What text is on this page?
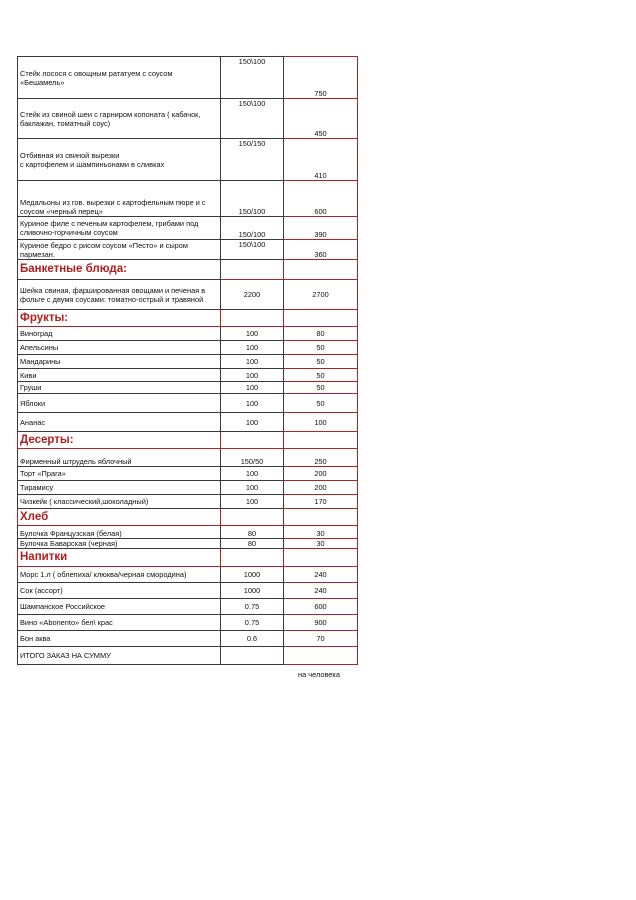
Стейк лосося с овощным рататуем с соусом «Бешамель»	150\100	750
Стейк из свиной шеи с гарниром копоната ( кабачок, баклажан, томатный соус)	150\100	450
Отбивная из свиной вырезки
с картофелем и шампиньонами в сливках	150/150	410
Медальоны из гов. вырезки с картофельным пюре и с соусом «черный перец»	150/100	600
Куриное филе с печеным картофелем, грибами под сливочно-горчичным соусом	150/100	390
Куриное бедро с рисом соусом «Песто» и сыром пармезан.	150\100	360
Банкетные блюда:		
Шейка свиная, фаршированная овощами и печеная в фольге с двумя соусами: томатно-острый и травяной	2200	2700
Фрукты:		
Виноград	100	80
Апельсины	100	50
Мандарины	100	50
Киви	100	50
Груши	100	50
Яблоки	100	50
Ананас	100	100
Десерты:		
Фирменный штрудель яблочный	150/50	250
Торт «Прага»	100	200
Тирамису	100	200
Чизкейк ( классический,шоколадный)	100	170
Хлеб		
Булочка Французская (белая)	80	30
Булочка Баварская (черная)	80	30
Напитки		
Морс 1.л ( облепиха/ клюква/черная смородина)	1000	240
Сок (ассорт)	1000	240
Шампанское Российское	0.75	600
Вино «Abonento» бел\ крас	0.75	900
Бон аква	0.6	70
ИТОГО ЗАКАЗ НА СУММУ		
на человека
